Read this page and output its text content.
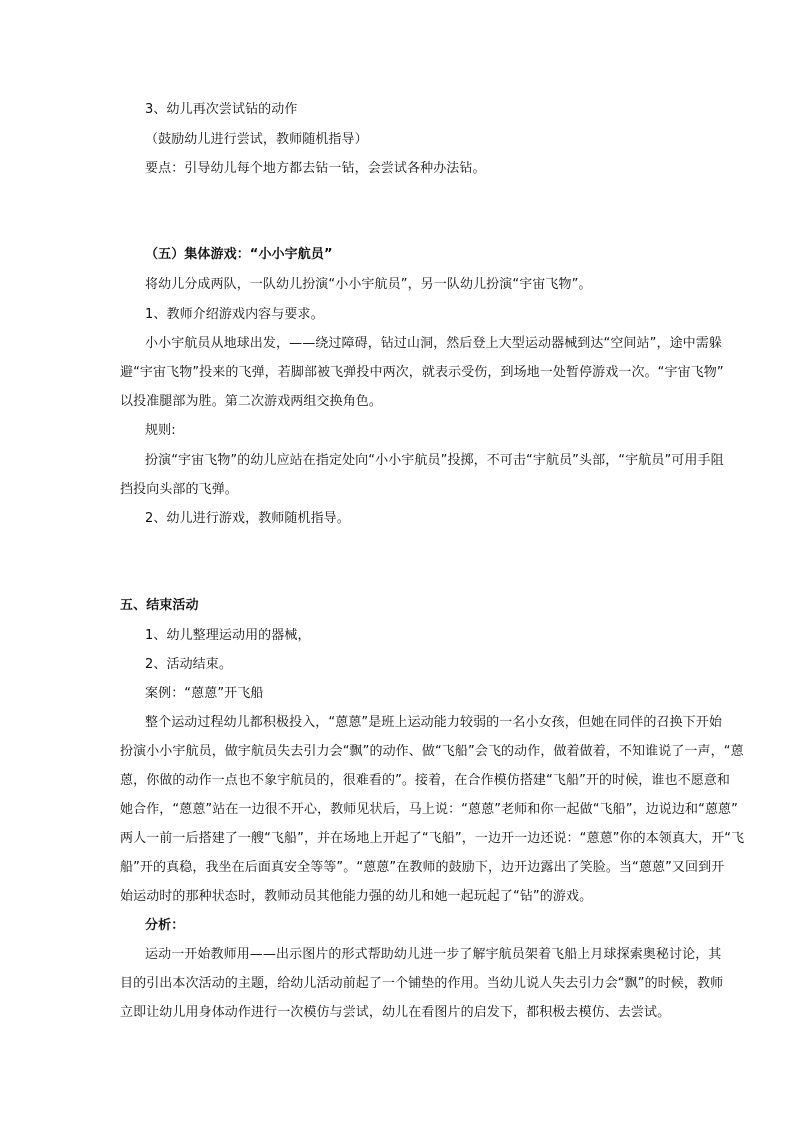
3、幼儿再次尝试钻的动作
（鼓励幼儿进行尝试，教师随机指导）
要点：引导幼儿每个地方都去钻一钻，会尝试各种办法钻。
（五）集体游戏：“小小宇航员”
将幼儿分成两队，一队幼儿扮演“小小宇航员”，另一队幼儿扮演“宇宙飞物”。
1、教师介绍游戏内容与要求。
小小宇航员从地球出发，——绕过障碍，钻过山洞，然后登上大型运动器械到达“空间站”，途中需躲
避“宇宙飞物”投来的飞弹，若脚部被飞弹投中两次，就表示受伤，到场地一处暂停游戏一次。“宇宙飞物”
以投准腿部为胜。第二次游戏两组交换角色。
规则:
扮演“宇宙飞物”的幼儿应站在指定处向“小小宇航员”投掷，不可击“宇航员”头部，“宇航员”可用手阻
挡投向头部的飞弹。
2、幼儿进行游戏，教师随机指导。
五、结束活动
1、幼儿整理运动用的器械，
2、活动结束。
案例：“蒽蒽”开飞船
整个运动过程幼儿都积极投入，“蒽蒽”是班上运动能力较弱的一名小女孩，但她在同伴的召换下开始
扮演小小宇航员，做宇航员失去引力会“飘”的动作、做“飞船”会飞的动作，做着做着，不知谁说了一声，“蒽
蒽，你做的动作一点也不象宇航员的，很难看的”。接着，在合作模仿搭建“飞船”开的时候，谁也不愿意和
她合作，“蒽蒽”站在一边很不开心，教师见状后，马上说：“蒽蒽”老师和你一起做“飞船”，边说边和“蒽蒽”
两人一前一后搭建了一艘“飞船”，并在场地上开起了“飞船”，一边开一边还说：“蒽蒽”你的本领真大，开“飞
船”开的真稳，我坐在后面真安全等等”。“蒽蒽”在教师的鼓励下，边开边露出了笑脸。当“蒽蒽”又回到开
始运动时的那种状态时，教师动员其他能力强的幼儿和她一起玩起了“钻”的游戏。
分析：
运动一开始教师用——出示图片的形式帮助幼儿进一步了解宇航员架着飞船上月球探索奥秘讨论，其
目的引出本次活动的主题，给幼儿活动前起了一个铺垫的作用。当幼儿说人失去引力会“飘”的时候，教师
立即让幼儿用身体动作进行一次模仿与尝试，幼儿在看图片的启发下，都积极去模仿、去尝试。
